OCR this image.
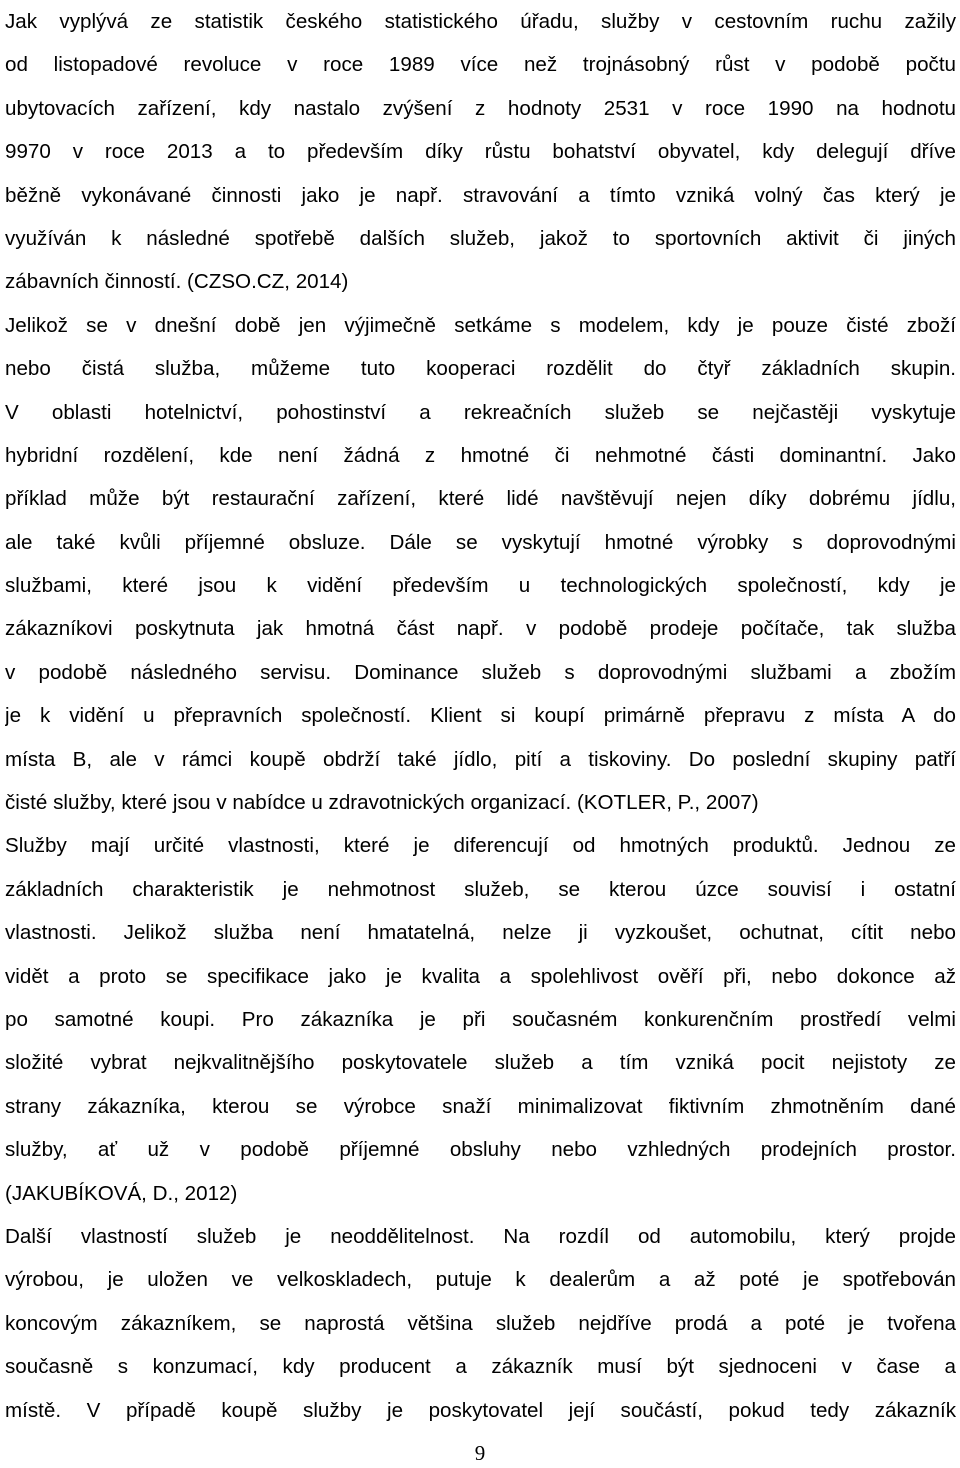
Jak vyplývá ze statistik českého statistického úřadu, služby v cestovním ruchu zažily
od listopadové revoluce v roce 1989 více než trojnásobný růst v podobě počtu
ubytovacích zařízení, kdy nastalo zvýšení z hodnoty 2531 v roce 1990 na hodnotu
9970 v roce 2013 a to především díky růstu bohatství obyvatel, kdy delegují dříve
běžně vykonávané činnosti jako je např. stravování a tímto vzniká volný čas který je
využíván k následné spotřebě dalších služeb, jakož to sportovních aktivit či jiných
zábavních činností. (CZSO.CZ, 2014)
Jelikož se v dnešní době jen výjimečně setkáme s modelem, kdy je pouze čisté zboží
nebo čistá služba, můžeme tuto kooperaci rozdělit do čtyř základních skupin.
V oblasti hotelnictví, pohostinství a rekreačních služeb se nejčastěji vyskytuje
hybridní rozdělení, kde není žádná z hmotné či nehmotné části dominantní. Jako
příklad může být restaurační zařízení, které lidé navštěvují nejen díky dobrému jídlu,
ale také kvůli příjemné obsluze. Dále se vyskytují hmotné výrobky s doprovodnými
službami, které jsou k vidění především u technologických společností, kdy je
zákazníkovi poskytnuta jak hmotná část např. v podobě prodeje počítače, tak služba
v podobě následného servisu. Dominance služeb s doprovodnými službami a zbožím
je k vidění u přepravních společností. Klient si koupí primárně přepravu z místa A do
místa B, ale v rámci koupě obdrží také jídlo, pití a tiskoviny. Do poslední skupiny patří
čisté služby, které jsou v nabídce u zdravotnických organizací. (KOTLER, P., 2007)
Služby mají určité vlastnosti, které je diferencují od hmotných produktů. Jednou ze
základních charakteristik je nehmotnost služeb, se kterou úzce souvisí i ostatní
vlastnosti. Jelikož služba není hmatatelná, nelze ji vyzkoušet, ochutnat, cítit nebo
vidět a proto se specifikace jako je kvalita a spolehlivost ověří při, nebo dokonce až
po samotné koupi. Pro zákazníka je při současném konkurenčním prostředí velmi
složité vybrat nejkvalitnějšího poskytovatele služeb a tím vzniká pocit nejistoty ze
strany zákazníka, kterou se výrobce snaží minimalizovat fiktivním zhmotněním dané
služby, ať už v podobě příjemné obsluhy nebo vzhledných prodejních prostor.
(JAKUBÍKOVÁ, D., 2012)
Další vlastností služeb je neoddělitelnost. Na rozdíl od automobilu, který projde
výrobou, je uložen ve velkoskladech, putuje k dealerům a až poté je spotřebován
koncovým zákazníkem, se naprostá většina služeb nejdříve prodá a poté je tvořena
současně s konzumací, kdy producent a zákazník musí být sjednoceni v čase a
místě. V případě koupě služby je poskytovatel její součástí, pokud tedy zákazník
9
